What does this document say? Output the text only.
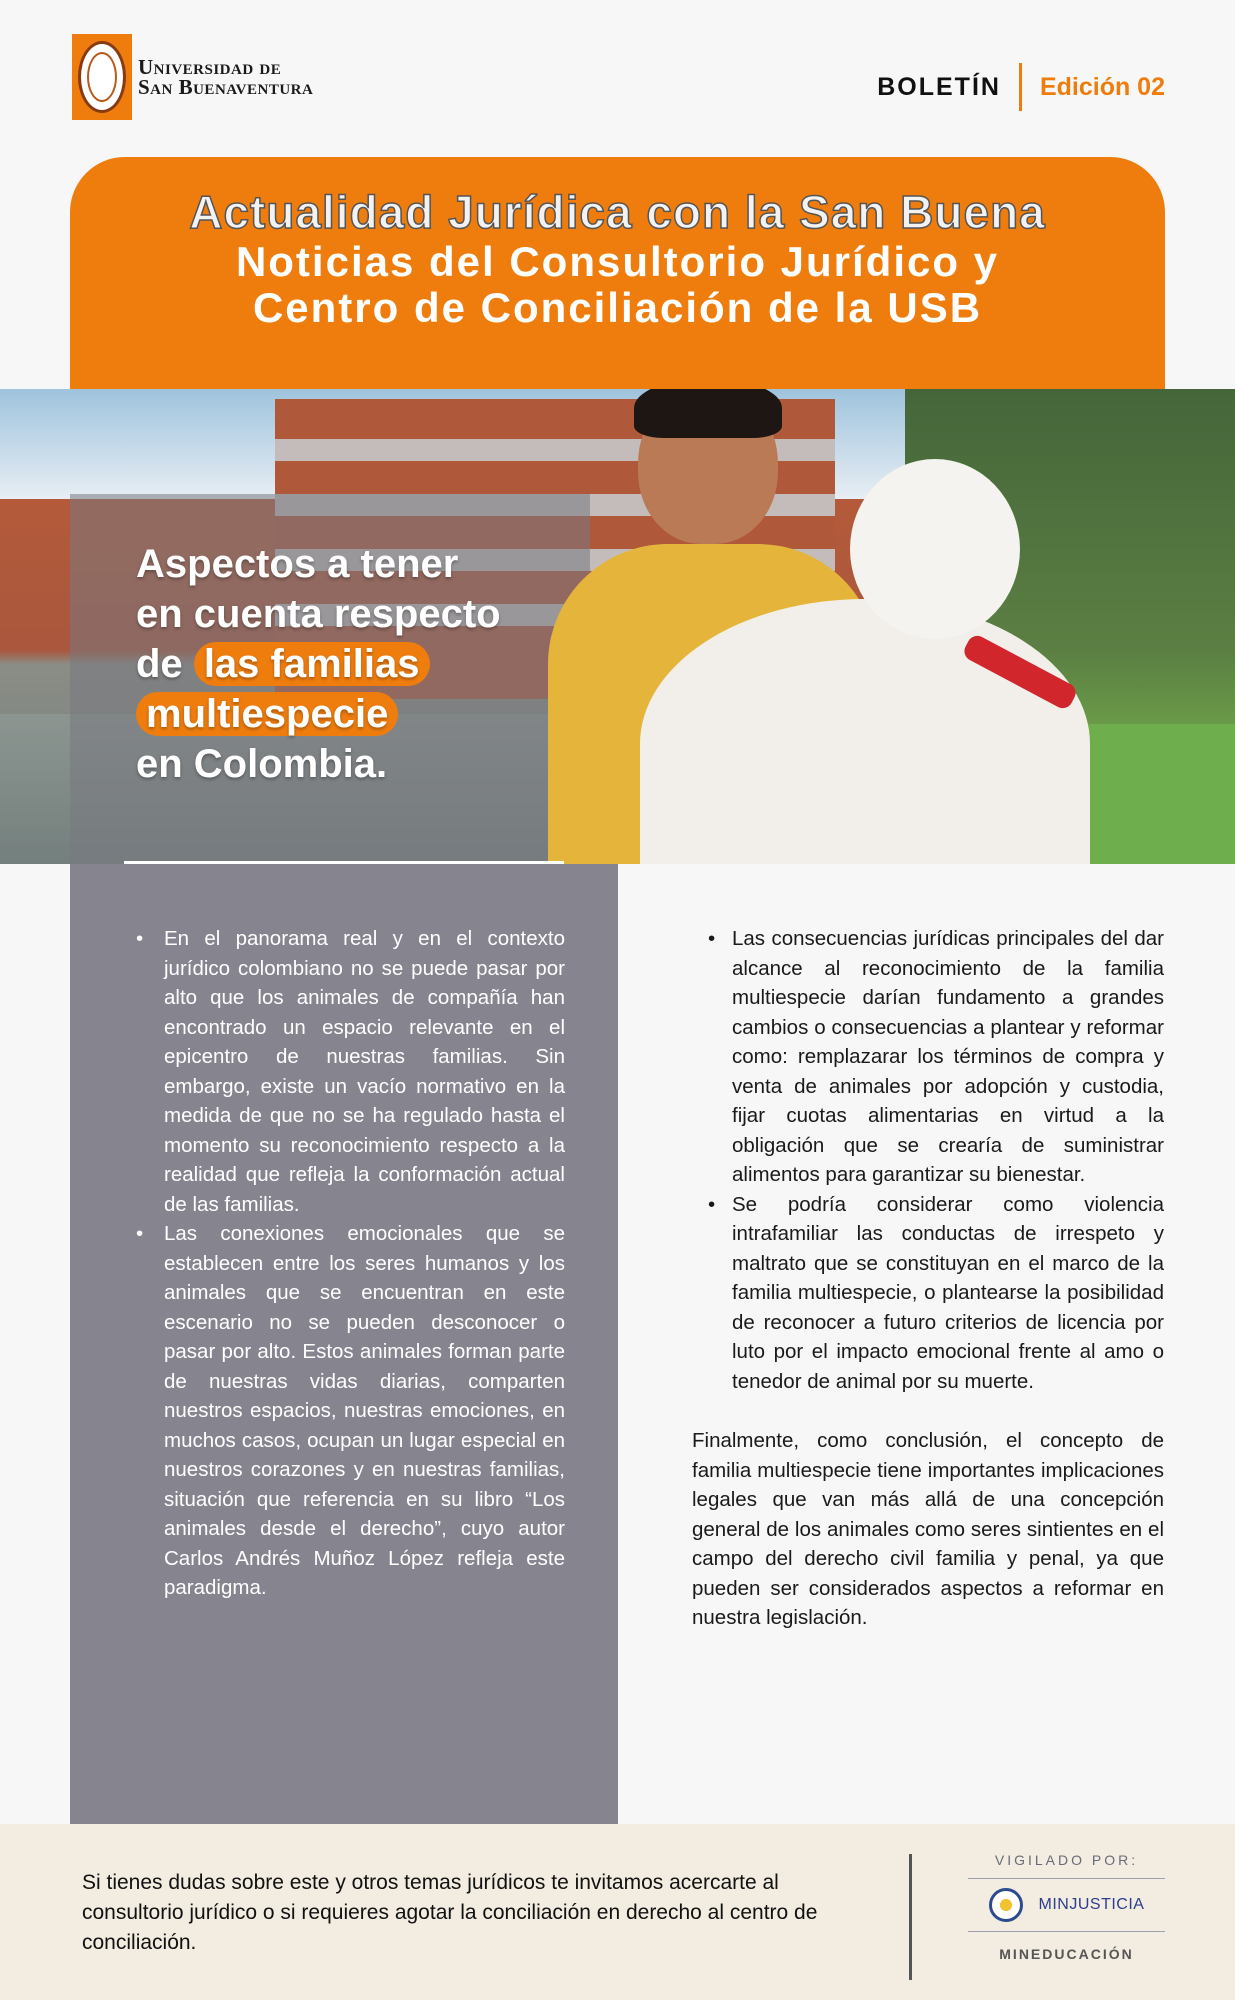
Universidad de
San Buenaventura	BOLETÍN Edición 02
Actualidad Jurídica con la San Buena
Noticias del Consultorio Jurídico y
Centro de Conciliación de la USB
Aspectos a tener
en cuenta respecto
de las familias
multiespecie
en Colombia.
• En el panorama real y en el contexto jurídico colombiano no se puede pasar por alto que los animales de compañía han encontrado un espacio relevante en el epicentro de nuestras familias. Sin embargo, existe un vacío normativo en la medida de que no se ha regulado hasta el momento su reconocimiento respecto a la realidad que refleja la conformación actual de las familias.
• Las conexiones emocionales que se establecen entre los seres humanos y los animales que se encuentran en este escenario no se pueden desconocer o pasar por alto. Estos animales forman parte de nuestras vidas diarias, comparten nuestros espacios, nuestras emociones, en muchos casos, ocupan un lugar especial en nuestros corazones y en nuestras familias, situación que referencia en su libro “Los animales desde el derecho”, cuyo autor Carlos Andrés Muñoz López refleja este paradigma.
• Las consecuencias jurídicas principales del dar alcance al reconocimiento de la familia multiespecie darían fundamento a grandes cambios o consecuencias a plantear y reformar como: remplazarar los términos de compra y venta de animales por adopción y custodia, fijar cuotas alimentarias en virtud a la obligación que se crearía de suministrar alimentos para garantizar su bienestar.
• Se podría considerar como violencia intrafamiliar las conductas de irrespeto y maltrato que se constituyan en el marco de la familia multiespecie, o plantearse la posibilidad de reconocer a futuro criterios de licencia por luto por el impacto emocional frente al amo o tenedor de animal por su muerte.

Finalmente, como conclusión, el concepto de familia multiespecie tiene importantes implicaciones legales que van más allá de una concepción general de los animales como seres sintientes en el campo del derecho civil familia y penal, ya que pueden ser considerados aspectos a reformar en nuestra legislación.

Si tienes dudas sobre este y otros temas jurídicos te invitamos acercarte al consultorio jurídico o si requieres agotar la conciliación en derecho al centro de conciliación.
VIGILADO POR:
MINJUSTICIA
MINEDUCACIÓN
